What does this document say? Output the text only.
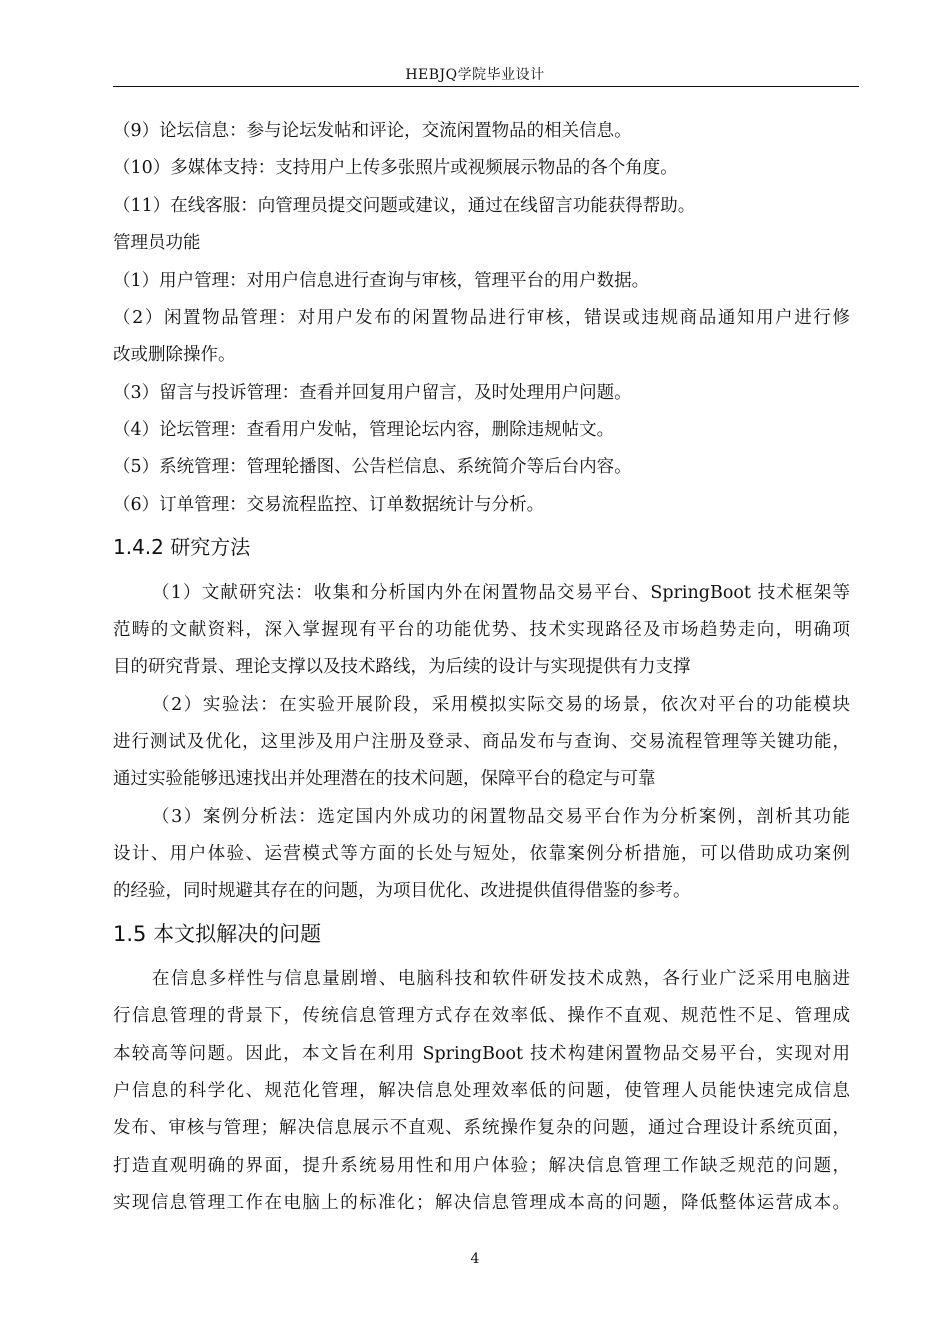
HEBJQ学院毕业设计
（9）论坛信息：参与论坛发帖和评论，交流闲置物品的相关信息。
（10）多媒体支持：支持用户上传多张照片或视频展示物品的各个角度。
（11）在线客服：向管理员提交问题或建议，通过在线留言功能获得帮助。
管理员功能
（1）用户管理：对用户信息进行查询与审核，管理平台的用户数据。
（2）闲置物品管理：对用户发布的闲置物品进行审核，错误或违规商品通知用户进行修
改或删除操作。
（3）留言与投诉管理：查看并回复用户留言，及时处理用户问题。
（4）论坛管理：查看用户发帖，管理论坛内容，删除违规帖文。
（5）系统管理：管理轮播图、公告栏信息、系统简介等后台内容。
（6）订单管理：交易流程监控、订单数据统计与分析。
1.4.2 研究方法
（1）文献研究法：收集和分析国内外在闲置物品交易平台、SpringBoot 技术框架等
范畴的文献资料，深入掌握现有平台的功能优势、技术实现路径及市场趋势走向，明确项
目的研究背景、理论支撑以及技术路线，为后续的设计与实现提供有力支撑
（2）实验法：在实验开展阶段，采用模拟实际交易的场景，依次对平台的功能模块
进行测试及优化，这里涉及用户注册及登录、商品发布与查询、交易流程管理等关键功能，
通过实验能够迅速找出并处理潜在的技术问题，保障平台的稳定与可靠
（3）案例分析法：选定国内外成功的闲置物品交易平台作为分析案例，剖析其功能
设计、用户体验、运营模式等方面的长处与短处，依靠案例分析措施，可以借助成功案例
的经验，同时规避其存在的问题，为项目优化、改进提供值得借鉴的参考。
1.5 本文拟解决的问题
在信息多样性与信息量剧增、电脑科技和软件研发技术成熟，各行业广泛采用电脑进
行信息管理的背景下，传统信息管理方式存在效率低、操作不直观、规范性不足、管理成
本较高等问题。因此，本文旨在利用 SpringBoot 技术构建闲置物品交易平台，实现对用
户信息的科学化、规范化管理，解决信息处理效率低的问题，使管理人员能快速完成信息
发布、审核与管理；解决信息展示不直观、系统操作复杂的问题，通过合理设计系统页面，
打造直观明确的界面，提升系统易用性和用户体验；解决信息管理工作缺乏规范的问题，
实现信息管理工作在电脑上的标准化；解决信息管理成本高的问题，降低整体运营成本。
4
